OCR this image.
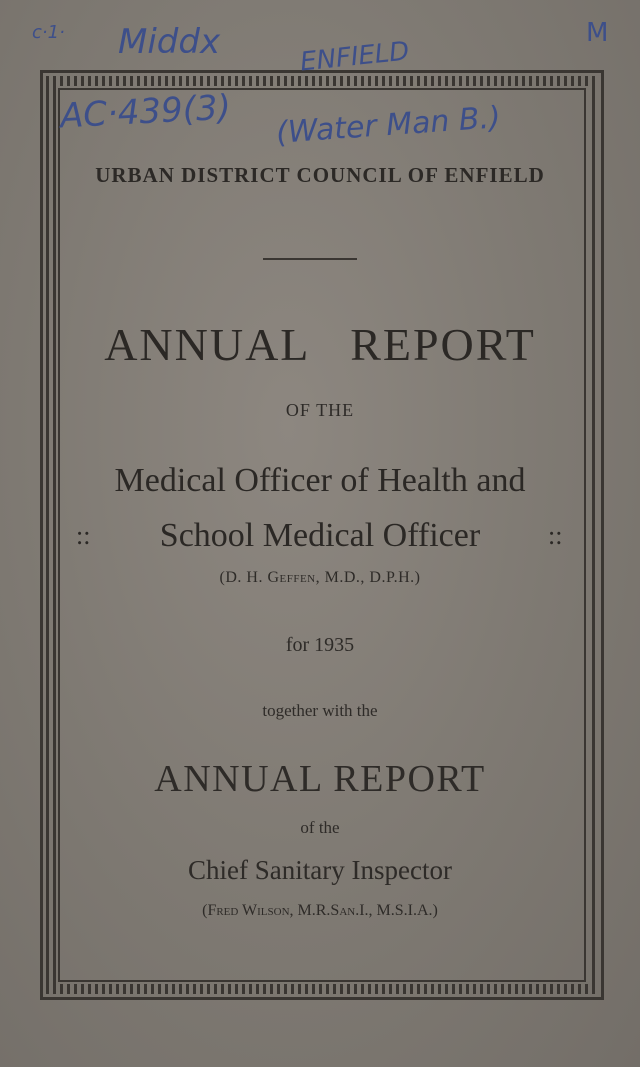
c·1· Middx	M
ENFIELD
AC·439(3) (Water Man B.)
URBAN DISTRICT COUNCIL OF ENFIELD
ANNUAL REPORT
OF THE
Medical Officer of Health and
:: School Medical Officer	::
(D. H. Geffen, M.D., D.P.H.)
for 1935
together with the
ANNUAL REPORT
of the
Chief Sanitary Inspector
(Fred Wilson, M.R.San.I., M.S.I.A.)
